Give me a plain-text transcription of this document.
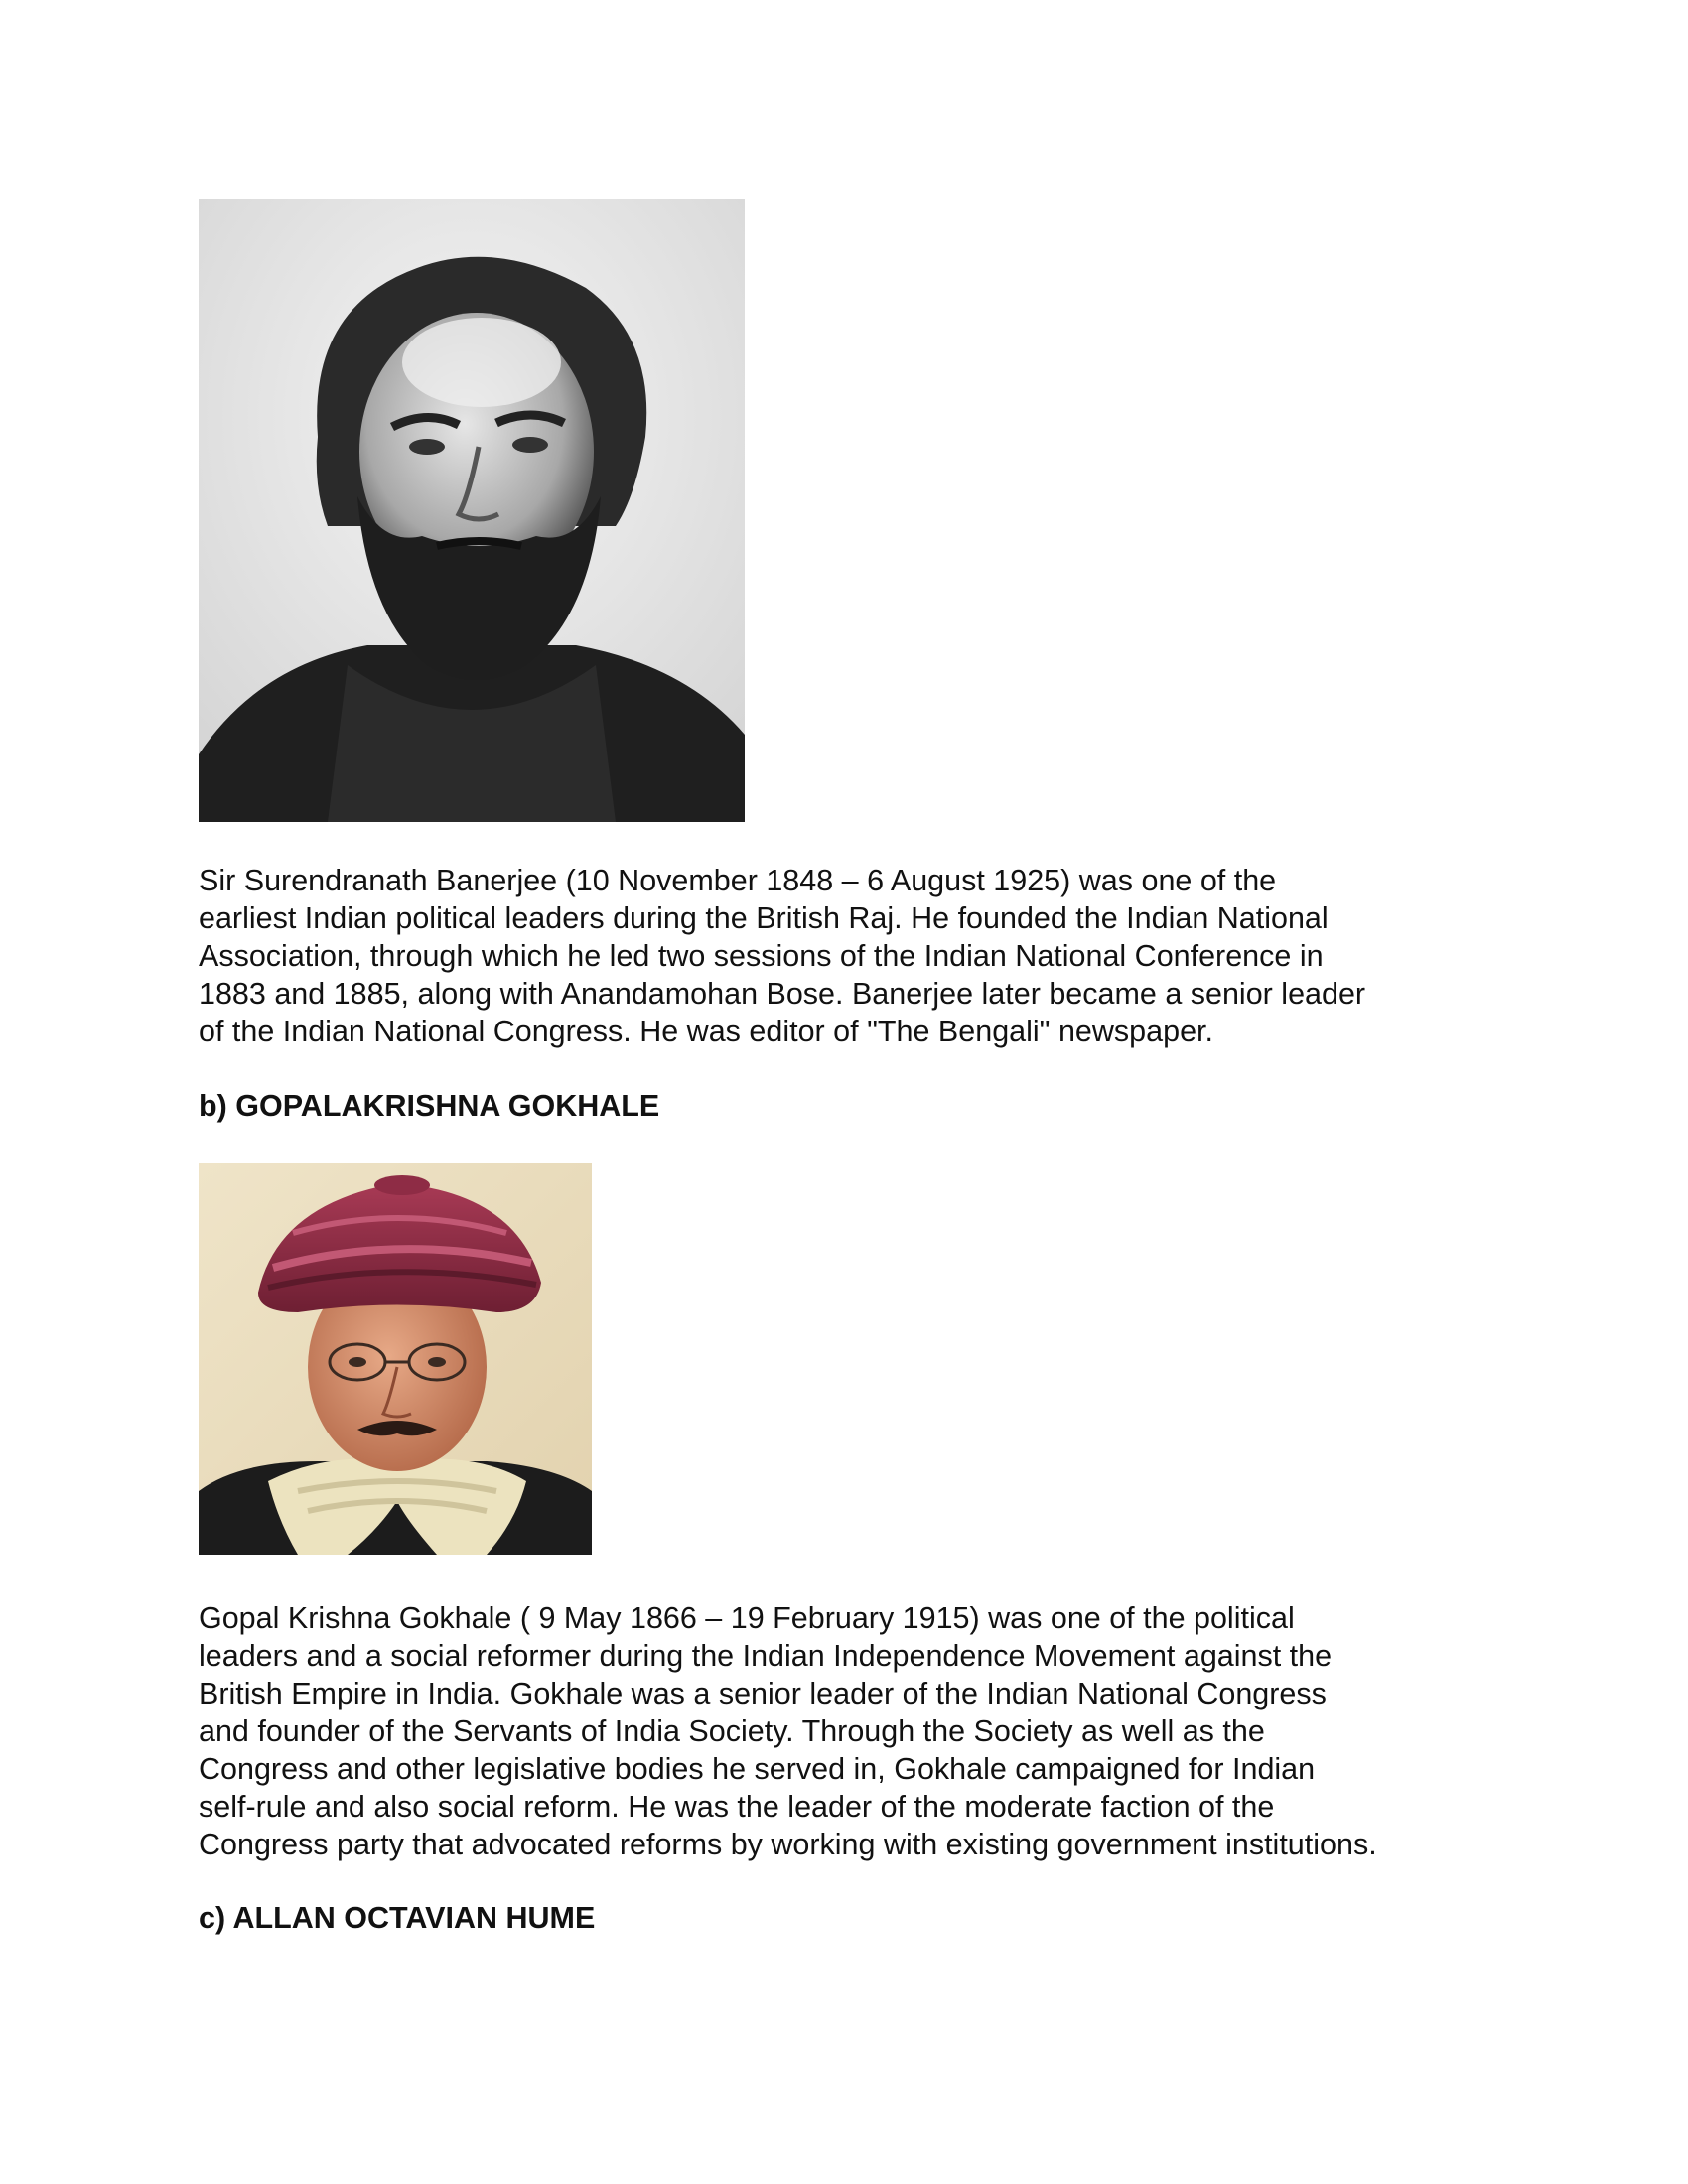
Sir Surendranath Banerjee (10 November 1848 – 6 August 1925) was one of the
earliest Indian political leaders during the British Raj. He founded the Indian National
Association, through which he led two sessions of the Indian National Conference in
1883 and 1885, along with Anandamohan Bose. Banerjee later became a senior leader
of the Indian National Congress. He was editor of "The Bengali" newspaper.

b) GOPALAKRISHNA GOKHALE

Gopal Krishna Gokhale ( 9 May 1866 – 19 February 1915) was one of the political
leaders and a social reformer during the Indian Independence Movement against the
British Empire in India. Gokhale was a senior leader of the Indian National Congress
and founder of the Servants of India Society. Through the Society as well as the
Congress and other legislative bodies he served in, Gokhale campaigned for Indian
self-rule and also social reform. He was the leader of the moderate faction of the
Congress party that advocated reforms by working with existing government institutions.

c) ALLAN OCTAVIAN HUME
